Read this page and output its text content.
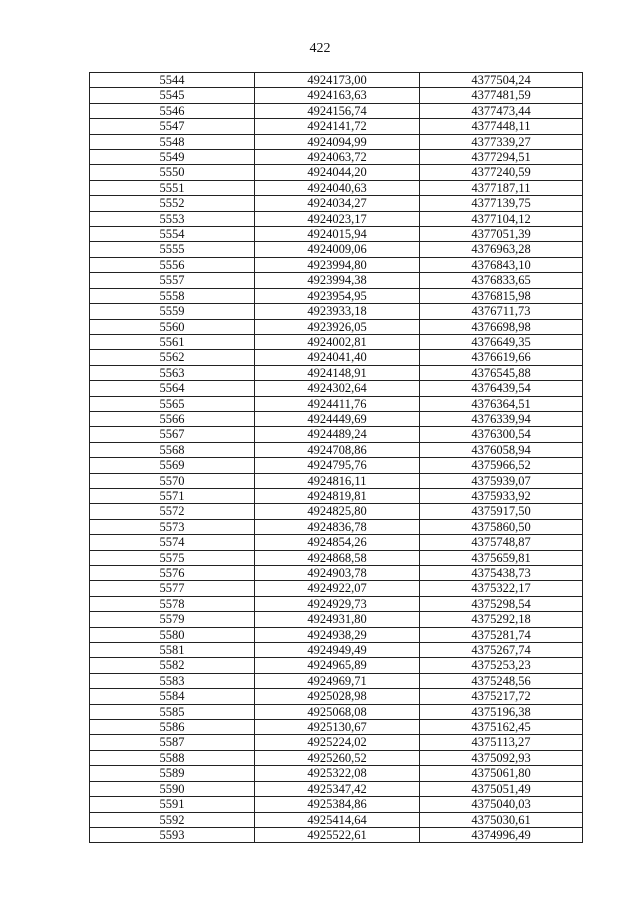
422
5544	4924173,00	4377504,24
5545	4924163,63	4377481,59
5546	4924156,74	4377473,44
5547	4924141,72	4377448,11
5548	4924094,99	4377339,27
5549	4924063,72	4377294,51
5550	4924044,20	4377240,59
5551	4924040,63	4377187,11
5552	4924034,27	4377139,75
5553	4924023,17	4377104,12
5554	4924015,94	4377051,39
5555	4924009,06	4376963,28
5556	4923994,80	4376843,10
5557	4923994,38	4376833,65
5558	4923954,95	4376815,98
5559	4923933,18	4376711,73
5560	4923926,05	4376698,98
5561	4924002,81	4376649,35
5562	4924041,40	4376619,66
5563	4924148,91	4376545,88
5564	4924302,64	4376439,54
5565	4924411,76	4376364,51
5566	4924449,69	4376339,94
5567	4924489,24	4376300,54
5568	4924708,86	4376058,94
5569	4924795,76	4375966,52
5570	4924816,11	4375939,07
5571	4924819,81	4375933,92
5572	4924825,80	4375917,50
5573	4924836,78	4375860,50
5574	4924854,26	4375748,87
5575	4924868,58	4375659,81
5576	4924903,78	4375438,73
5577	4924922,07	4375322,17
5578	4924929,73	4375298,54
5579	4924931,80	4375292,18
5580	4924938,29	4375281,74
5581	4924949,49	4375267,74
5582	4924965,89	4375253,23
5583	4924969,71	4375248,56
5584	4925028,98	4375217,72
5585	4925068,08	4375196,38
5586	4925130,67	4375162,45
5587	4925224,02	4375113,27
5588	4925260,52	4375092,93
5589	4925322,08	4375061,80
5590	4925347,42	4375051,49
5591	4925384,86	4375040,03
5592	4925414,64	4375030,61
5593	4925522,61	4374996,49
